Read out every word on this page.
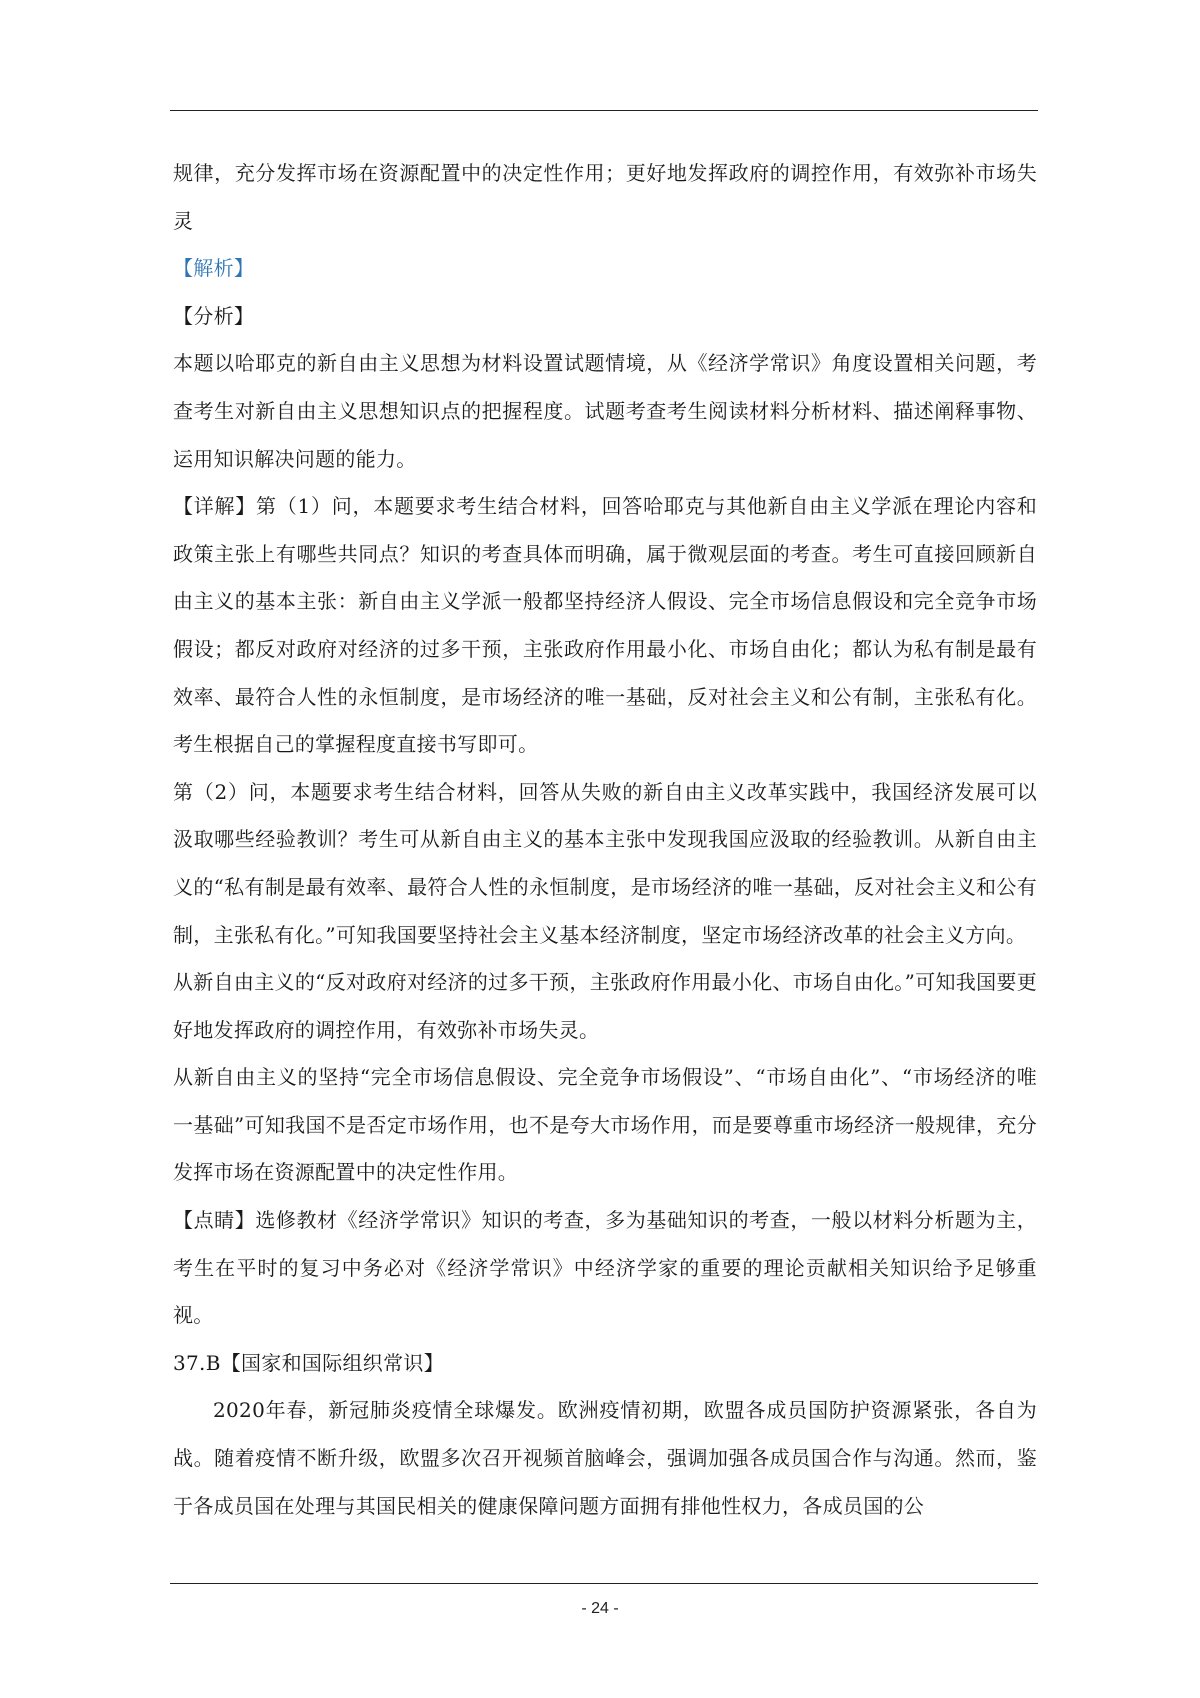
规律，充分发挥市场在资源配置中的决定性作用；更好地发挥政府的调控作用，有效弥补市场失灵

【解析】

【分析】

本题以哈耶克的新自由主义思想为材料设置试题情境，从《经济学常识》角度设置相关问题，考查考生对新自由主义思想知识点的把握程度。试题考查考生阅读材料分析材料、描述阐释事物、运用知识解决问题的能力。

【详解】第（1）问，本题要求考生结合材料，回答哈耶克与其他新自由主义学派在理论内容和政策主张上有哪些共同点？知识的考查具体而明确，属于微观层面的考查。考生可直接回顾新自由主义的基本主张：新自由主义学派一般都坚持经济人假设、完全市场信息假设和完全竞争市场假设；都反对政府对经济的过多干预，主张政府作用最小化、市场自由化；都认为私有制是最有效率、最符合人性的永恒制度，是市场经济的唯一基础，反对社会主义和公有制，主张私有化。考生根据自己的掌握程度直接书写即可。

第（2）问，本题要求考生结合材料，回答从失败的新自由主义改革实践中，我国经济发展可以汲取哪些经验教训？考生可从新自由主义的基本主张中发现我国应汲取的经验教训。从新自由主义的“私有制是最有效率、最符合人性的永恒制度，是市场经济的唯一基础，反对社会主义和公有制，主张私有化。”可知我国要坚持社会主义基本经济制度，坚定市场经济改革的社会主义方向。

从新自由主义的“反对政府对经济的过多干预，主张政府作用最小化、市场自由化。”可知我国要更好地发挥政府的调控作用，有效弥补市场失灵。

从新自由主义的坚持“完全市场信息假设、完全竞争市场假设”、“市场自由化”、“市场经济的唯一基础”可知我国不是否定市场作用，也不是夸大市场作用，而是要尊重市场经济一般规律，充分发挥市场在资源配置中的决定性作用。

【点睛】选修教材《经济学常识》知识的考查，多为基础知识的考查，一般以材料分析题为主，考生在平时的复习中务必对《经济学常识》中经济学家的重要的理论贡献相关知识给予足够重视。

37.B【国家和国际组织常识】

2020年春，新冠肺炎疫情全球爆发。欧洲疫情初期，欧盟各成员国防护资源紧张，各自为战。随着疫情不断升级，欧盟多次召开视频首脑峰会，强调加强各成员国合作与沟通。然而，鉴于各成员国在处理与其国民相关的健康保障问题方面拥有排他性权力，各成员国的公

- 24 -
